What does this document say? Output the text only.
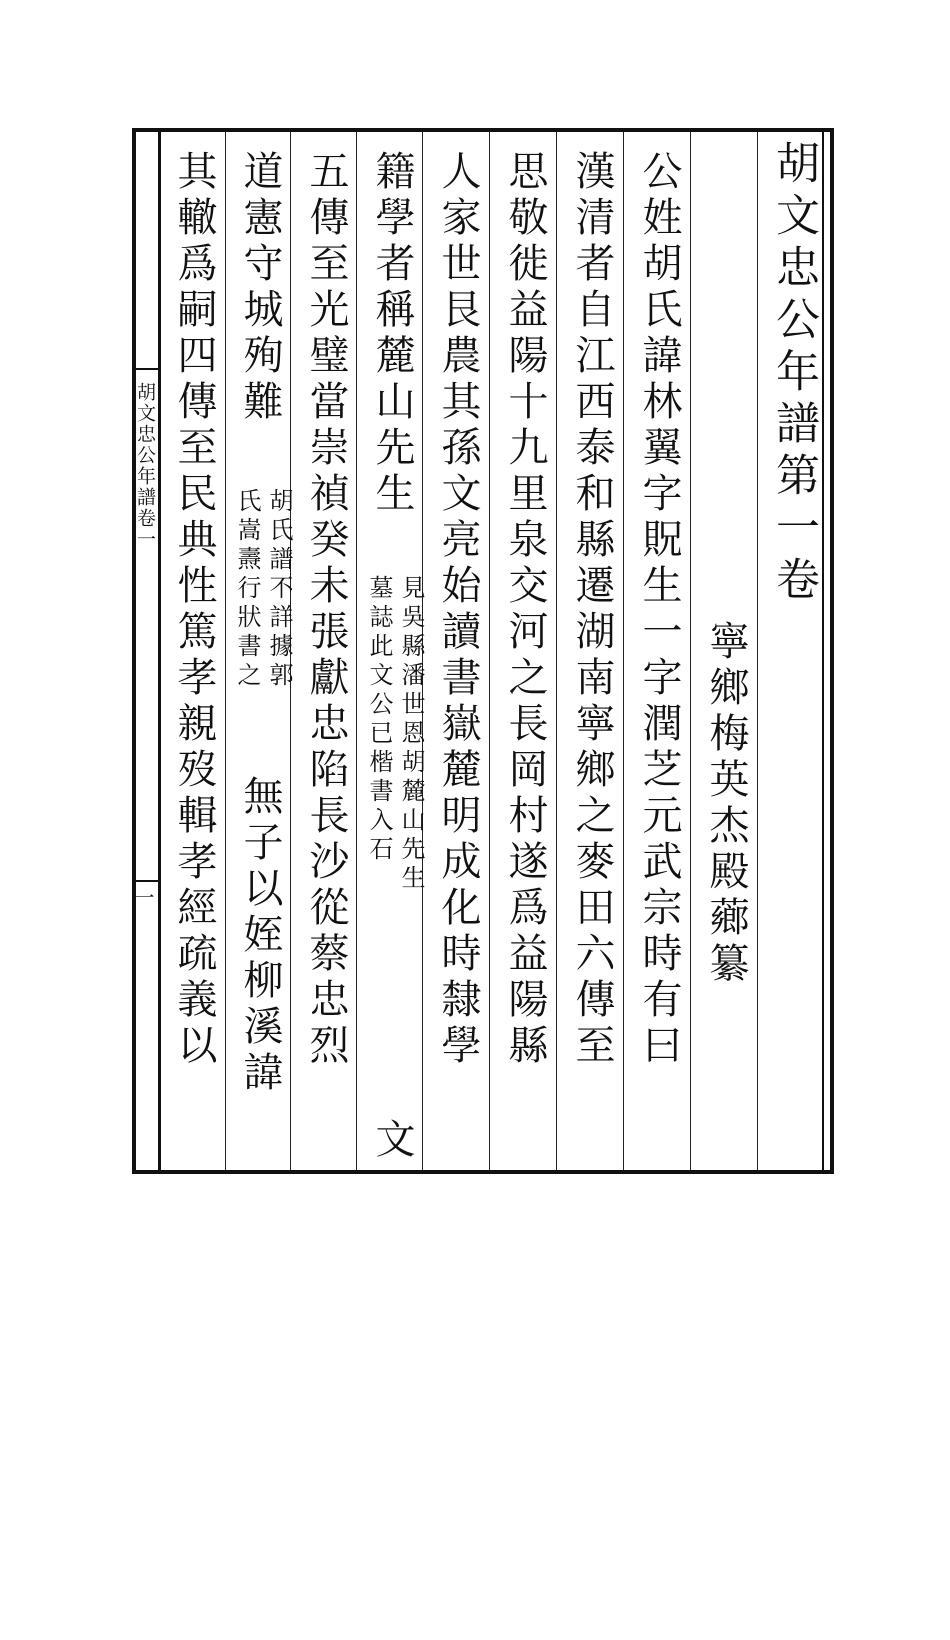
胡文忠公年譜卷一
一
胡文忠公年譜第一卷
寧鄉梅英杰殿薌纂
公姓胡氏諱林翼字貺生一字潤芝元武宗時有曰
漢清者自江西泰和縣遷湖南寧鄉之麥田六傳至
思敬徙益陽十九里泉交河之長岡村遂爲益陽縣
人家世艮農其孫文亮始讀書嶽麓明成化時隸學
籍學者稱麓山先生
見吳縣潘世恩胡麓山先生
墓誌此文公已楷書入石
文
五傳至光璧當崇禎癸未張獻忠陷長沙從蔡忠烈
道憲守城殉難
胡氏譜不詳據郭
氏嵩燾行狀書之
無子以姪柳溪諱
其轍爲嗣四傳至民典性篤孝親歿輯孝經疏義以
